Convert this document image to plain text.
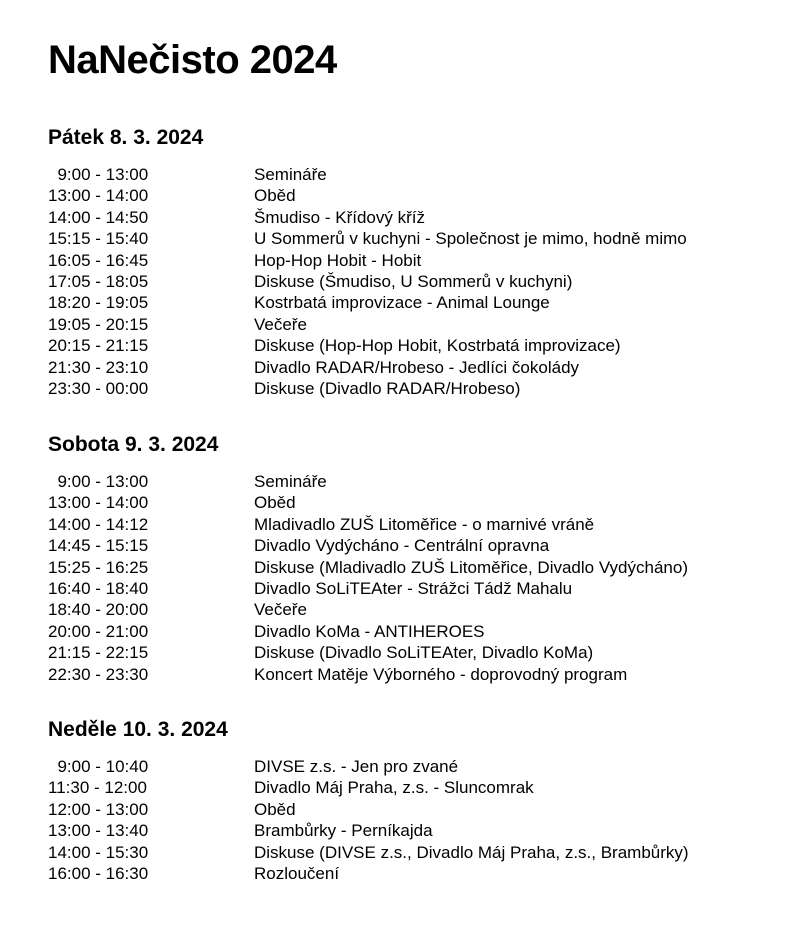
NaNečisto 2024
Pátek 8. 3. 2024
9:00 - 13:00	Semináře
13:00 - 14:00	Oběd
14:00 - 14:50	Šmudiso - Křídový kříž
15:15 - 15:40	U Sommerů v kuchyni - Společnost je mimo, hodně mimo
16:05 - 16:45	Hop-Hop Hobit - Hobit
17:05 - 18:05	Diskuse (Šmudiso, U Sommerů v kuchyni)
18:20 - 19:05	Kostrbatá improvizace - Animal Lounge
19:05 - 20:15	Večeře
20:15 - 21:15	Diskuse (Hop-Hop Hobit, Kostrbatá improvizace)
21:30 - 23:10	Divadlo RADAR/Hrobeso - Jedlíci čokolády
23:30 - 00:00	Diskuse (Divadlo RADAR/Hrobeso)
Sobota 9. 3. 2024
9:00 - 13:00	Semináře
13:00 - 14:00	Oběd
14:00 - 14:12	Mladivadlo ZUŠ Litoměřice - o marnivé vráně
14:45 - 15:15	Divadlo Vydýcháno - Centrální opravna
15:25 - 16:25	Diskuse (Mladivadlo ZUŠ Litoměřice, Divadlo Vydýcháno)
16:40 - 18:40	Divadlo SoLiTEAter - Strážci Tádž Mahalu
18:40 - 20:00	Večeře
20:00 - 21:00	Divadlo KoMa - ANTIHEROES
21:15 - 22:15	Diskuse (Divadlo SoLiTEAter, Divadlo KoMa)
22:30 - 23:30	Koncert Matěje Výborného - doprovodný program
Neděle 10. 3. 2024
9:00 - 10:40	DIVSE z.s. - Jen pro zvané
11:30 - 12:00	Divadlo Máj Praha, z.s. - Sluncomrak
12:00 - 13:00	Oběd
13:00 - 13:40	Brambůrky - Perníkajda
14:00 - 15:30	Diskuse (DIVSE z.s., Divadlo Máj Praha, z.s., Brambůrky)
16:00 - 16:30	Rozloučení
